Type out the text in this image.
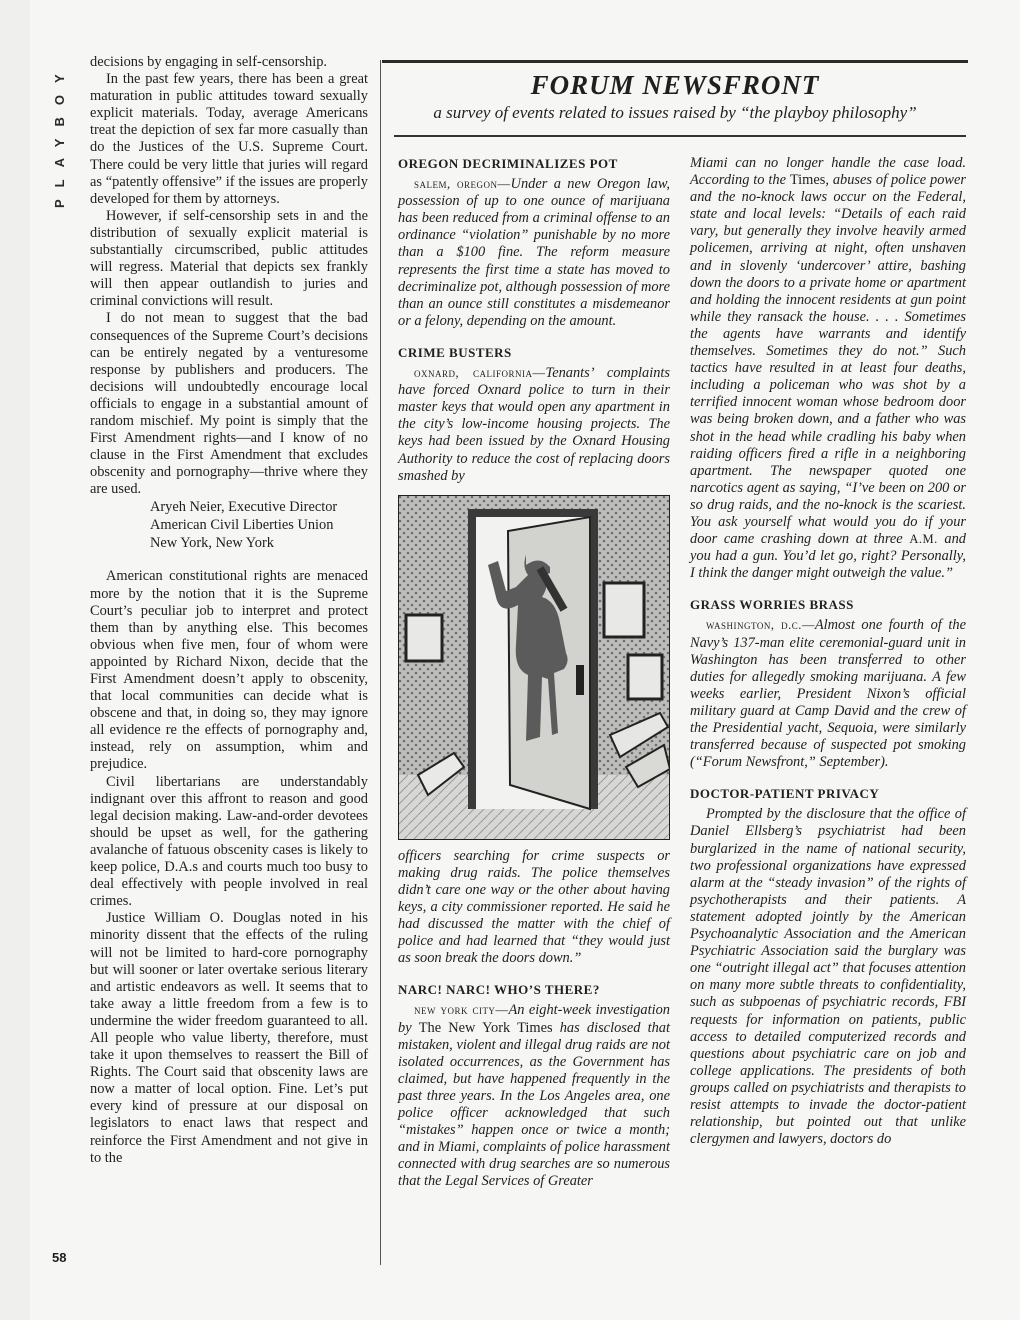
PLAYBOY
58

decisions by engaging in self-censorship.

In the past few years, there has been a great maturation in public attitudes toward sexually explicit materials. Today, average Americans treat the depiction of sex far more casually than do the Justices of the U.S. Supreme Court. There could be very little that juries will regard as “patently offensive” if the issues are properly developed for them by attorneys.

However, if self-censorship sets in and the distribution of sexually explicit material is substantially circumscribed, public attitudes will regress. Material that depicts sex frankly will then appear outlandish to juries and criminal convictions will result.

I do not mean to suggest that the bad consequences of the Supreme Court’s decisions can be entirely negated by a venturesome response by publishers and producers. The decisions will undoubtedly encourage local officials to engage in a substantial amount of random mischief. My point is simply that the First Amendment rights—and I know of no clause in the First Amendment that excludes obscenity and pornography—thrive where they are used.

Aryeh Neier, Executive Director
American Civil Liberties Union
New York, New York

American constitutional rights are menaced more by the notion that it is the Supreme Court’s peculiar job to interpret and protect them than by anything else. This becomes obvious when five men, four of whom were appointed by Richard Nixon, decide that the First Amendment doesn’t apply to obscenity, that local communities can decide what is obscene and that, in doing so, they may ignore all evidence re the effects of pornography and, instead, rely on assumption, whim and prejudice.

Civil libertarians are understandably indignant over this affront to reason and good legal decision making. Law-and-order devotees should be upset as well, for the gathering avalanche of fatuous obscenity cases is likely to keep police, D.A.s and courts much too busy to deal effectively with people involved in real crimes.

Justice William O. Douglas noted in his minority dissent that the effects of the ruling will not be limited to hard-core pornography but will sooner or later overtake serious literary and artistic endeavors as well. It seems that to take away a little freedom from a few is to undermine the wider freedom guaranteed to all. All people who value liberty, therefore, must take it upon themselves to reassert the Bill of Rights. The Court said that obscenity laws are now a matter of local option. Fine. Let’s put every kind of pressure at our disposal on legislators to enact laws that respect and reinforce the First Amendment and not give in to the

FORUM NEWSFRONT
a survey of events related to issues raised by “the playboy philosophy”
OREGON DECRIMINALIZES POT

salem, oregon—Under a new Oregon law, possession of up to one ounce of marijuana has been reduced from a criminal offense to an ordinance “violation” punishable by no more than a $100 fine. The reform measure represents the first time a state has moved to decriminalize pot, although possession of more than an ounce still constitutes a misdemeanor or a felony, depending on the amount.

CRIME BUSTERS

oxnard, california—Tenants’ complaints have forced Oxnard police to turn in their master keys that would open any apartment in the city’s low-income housing projects. The keys had been issued by the Oxnard Housing Authority to reduce the cost of replacing doors smashed by

officers searching for crime suspects or making drug raids. The police themselves didn’t care one way or the other about having keys, a city commissioner reported. He said he had discussed the matter with the chief of police and had learned that “they would just as soon break the doors down.”

NARC! NARC! WHO’S THERE?

new york city—An eight-week investigation by The New York Times has disclosed that mistaken, violent and illegal drug raids are not isolated occurrences, as the Government has claimed, but have happened frequently in the past three years. In the Los Angeles area, one police officer acknowledged that such “mistakes” happen once or twice a month; and in Miami, complaints of police harassment connected with drug searches are so numerous that the Legal Services of Greater

Miami can no longer handle the case load. According to the Times, abuses of police power and the no-knock laws occur on the Federal, state and local levels: “Details of each raid vary, but generally they involve heavily armed policemen, arriving at night, often unshaven and in slovenly ‘undercover’ attire, bashing down the doors to a private home or apartment and holding the innocent residents at gun point while they ransack the house. . . . Sometimes the agents have warrants and identify themselves. Sometimes they do not.” Such tactics have resulted in at least four deaths, including a policeman who was shot by a terrified innocent woman whose bedroom door was being broken down, and a father who was shot in the head while cradling his baby when raiding officers fired a rifle in a neighboring apartment. The newspaper quoted one narcotics agent as saying, “I’ve been on 200 or so drug raids, and the no-knock is the scariest. You ask yourself what would you do if your door came crashing down at three A.M. and you had a gun. You’d let go, right? Personally, I think the danger might outweigh the value.”

GRASS WORRIES BRASS

washington, d.c.—Almost one fourth of the Navy’s 137-man elite ceremonial-guard unit in Washington has been transferred to other duties for allegedly smoking marijuana. A few weeks earlier, President Nixon’s official military guard at Camp David and the crew of the Presidential yacht, Sequoia, were similarly transferred because of suspected pot smoking (“Forum Newsfront,” September).

DOCTOR-PATIENT PRIVACY

Prompted by the disclosure that the office of Daniel Ellsberg’s psychiatrist had been burglarized in the name of national security, two professional organizations have expressed alarm at the “steady invasion” of the rights of psychotherapists and their patients. A statement adopted jointly by the American Psychoanalytic Association and the American Psychiatric Association said the burglary was one “outright illegal act” that focuses attention on many more subtle threats to confidentiality, such as subpoenas of psychiatric records, FBI requests for information on patients, public access to detailed computerized records and questions about psychiatric care on job and college applications. The presidents of both groups called on psychiatrists and therapists to resist attempts to invade the doctor-patient relationship, but pointed out that unlike clergymen and lawyers, doctors do
